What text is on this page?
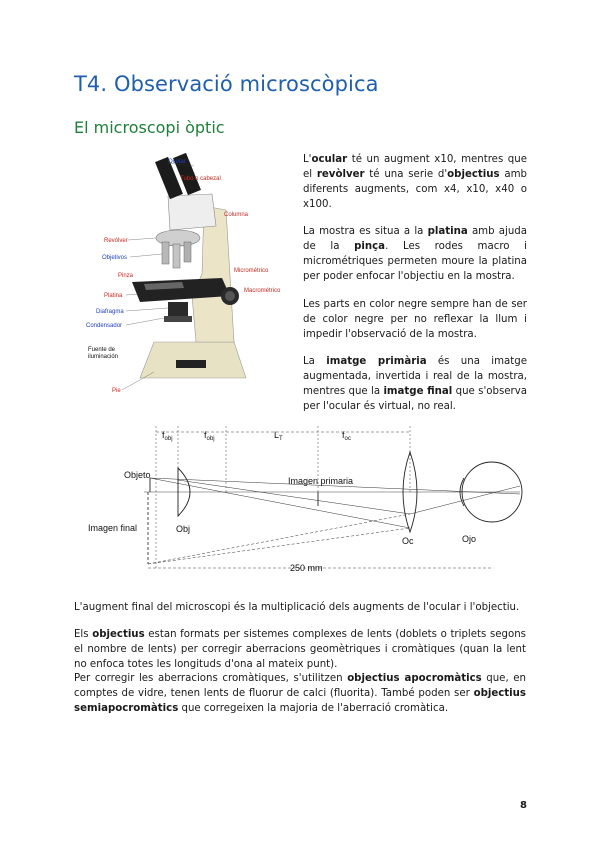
T4. Observació microscòpica
El microscopi òptic
Ocular
Tubo o cabezal
Columna
Revólver
Objetivos
Pinza
Micrométrico
Macrométrico
Platina
Diafragma
Condensador
Fuente de
iluminación
Pie
L'ocular té un augment x10, mentres que el revòlver té una serie d'objectius amb diferents augments, com x4, x10, x40 o x100.
La mostra es situa a la platina amb ajuda de la pinça. Les rodes macro i micrométriques permeten moure la platina per poder enfocar l'objectiu en la mostra.
Les parts en color negre sempre han de ser de color negre per no reflexar la llum i impedir l'observació de la mostra.
La imatge primària és una imatge augmentada, invertida i real de la mostra, mentres que la imatge final que s'observa per l'ocular és virtual, no real.
$f_{obj}$	$f_{obj}$	$L_T$	$f_{oc}$
250 mm
Objeto
Imagen primaria
Imagen final	Obj
Oc	Ojo
L'augment final del microscopi és la multiplicació dels augments de l'ocular i l'objectiu.
Els objectius estan formats per sistemes complexes de lents (doblets o triplets segons el nombre de lents) per corregir aberracions geomètriques i cromàtiques (quan la lent no enfoca totes les longituds d'ona al mateix punt).
Per corregir les aberracions cromàtiques, s'utilitzen objectius apocromàtics que, en comptes de vidre, tenen lents de fluorur de calci (fluorita). També poden ser objectius semiapocromàtics que corregeixen la majoria de l'aberració cromàtica.
8
